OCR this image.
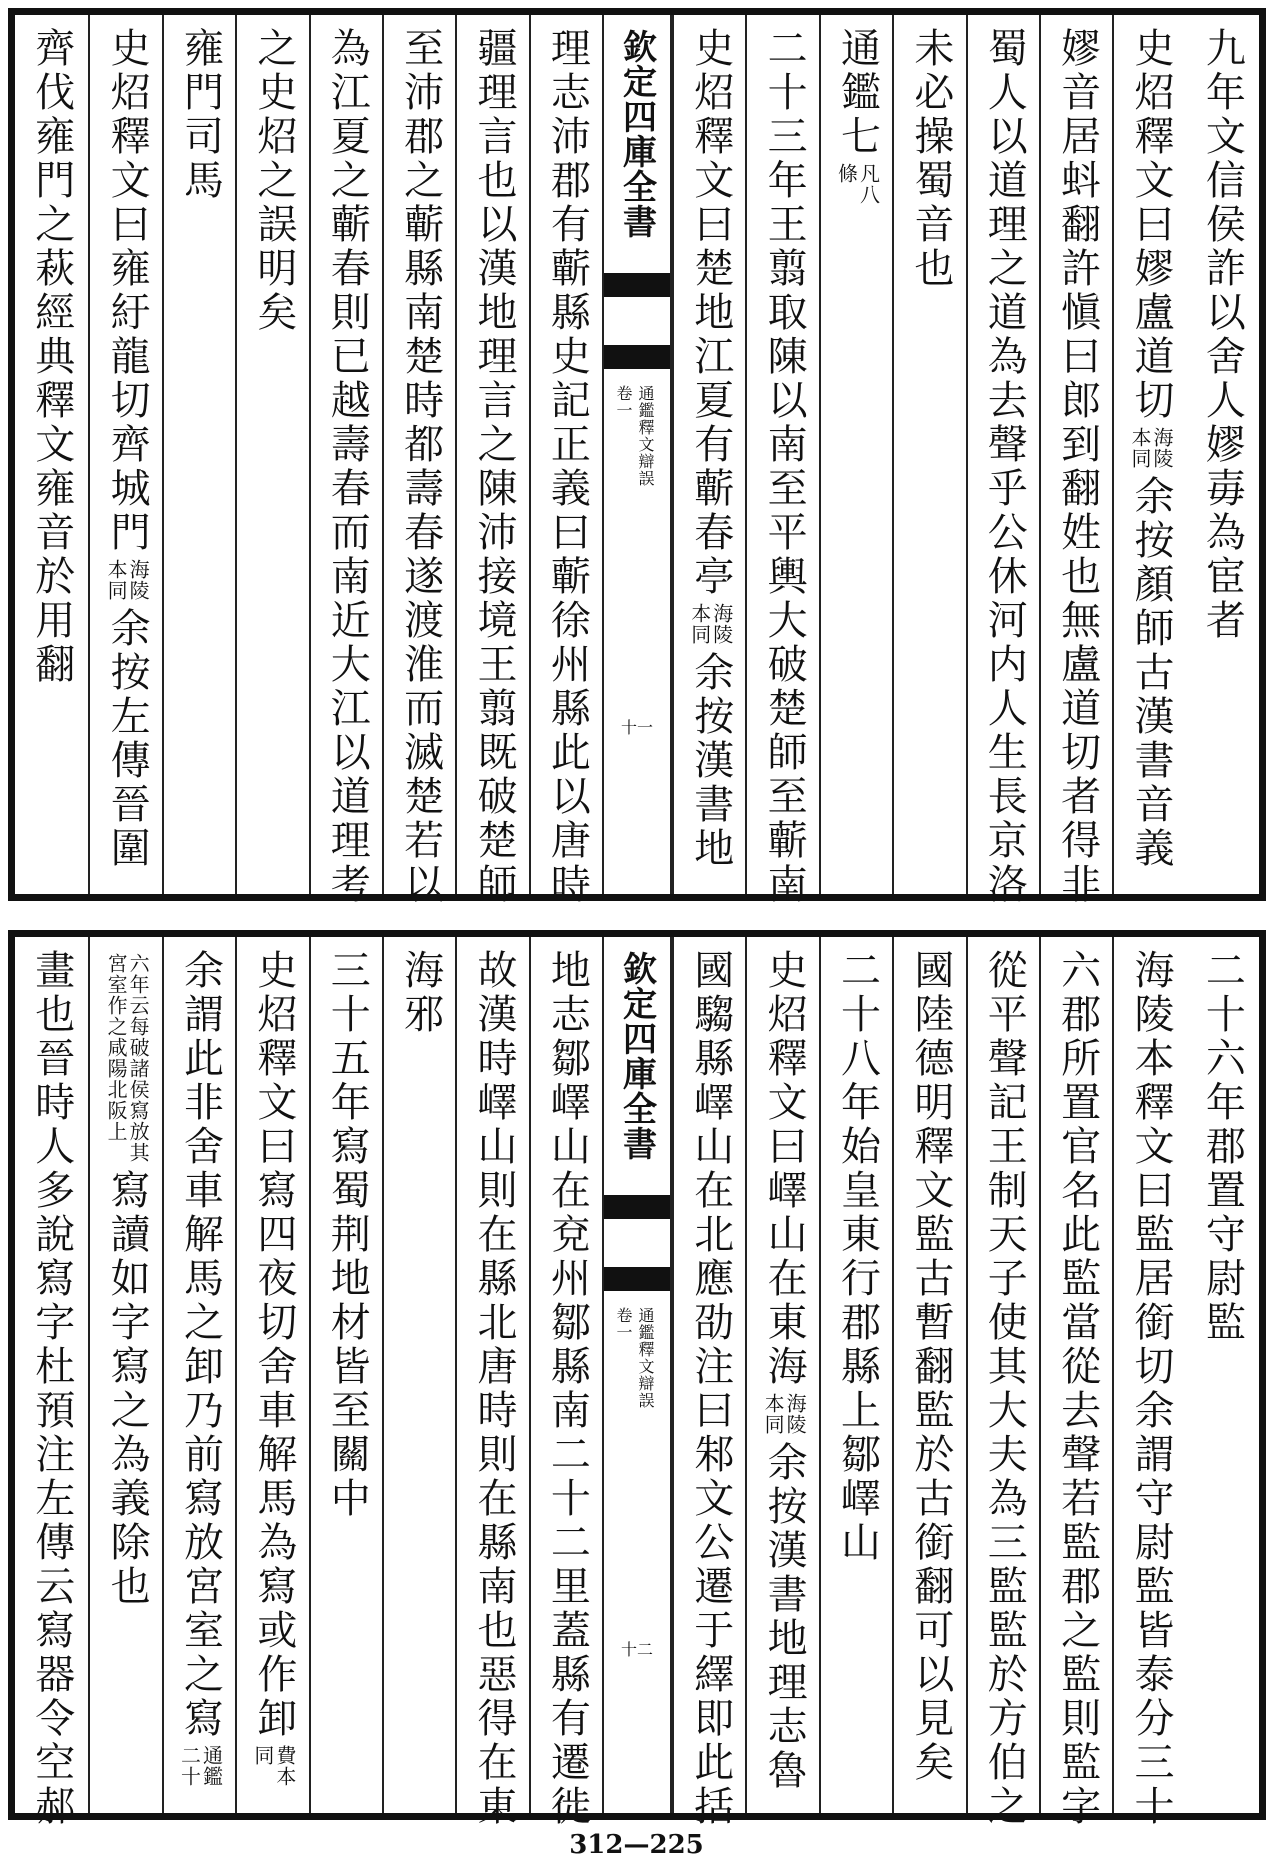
九年文信侯詐以舍人嫪毐為宦者
史炤釋文曰嫪盧道切
海陵
本同
余按顏師古漢書音義
嫪音居蚪翻許愼曰郎到翻姓也無盧道切者得非
蜀人以道理之道為去聲乎公休河内人生長京洛
未必操蜀音也
通鑑七
凡八
條
二十三年王翦取陳以南至平輿大破楚師至蘄南
史炤釋文曰楚地江夏有蘄春亭
海陵
本同
余按漢書地
欽定四庫全書
通鑑釋文辯誤
卷一
十一
理志沛郡有蘄縣史記正義曰蘄徐州縣此以唐時
疆理言也以漢地理言之陳沛接境王翦既破楚師
至沛郡之蘄縣南楚時都壽春遂渡淮而滅楚若以
為江夏之蘄春則已越壽春而南近大江以道理考
之史炤之誤明矣
雍門司馬
史炤釋文曰雍紆龍切齊城門
海陵
本同
余按左傳晉圍
齊伐雍門之萩經典釋文雍音於用翻
二十六年郡置守尉監
海陵本釋文曰監居銜切余謂守尉監皆泰分三十
六郡所置官名此監當從去聲若監郡之監則監字
從平聲記王制天子使其大夫為三監監於方伯之
國陸德明釋文監古暫翻監於古銜翻可以見矣
二十八年始皇東行郡縣上鄒嶧山
史炤釋文曰嶧山在東海
海陵
本同
余按漢書地理志魯
國騶縣嶧山在北應劭注曰邾文公遷于繹即此括
欽定四庫全書
通鑑釋文辯誤
卷一
十二
地志鄒嶧山在兗州鄒縣南二十二里蓋縣有遷徙
故漢時嶧山則在縣北唐時則在縣南也惡得在東
海邪
三十五年寫蜀荆地材皆至關中
史炤釋文曰寫四夜切舍車解馬為寫或作卸
費本
同
余謂此非舍車解馬之卸乃前寫放宮室之寫
通鑑
二十
六年云每破諸侯寫放其
宮室作之咸陽北阪上
寫讀如字寫之為義除也
畫也晉時人多說寫字杜預注左傳云寫器令空郝
312—225
